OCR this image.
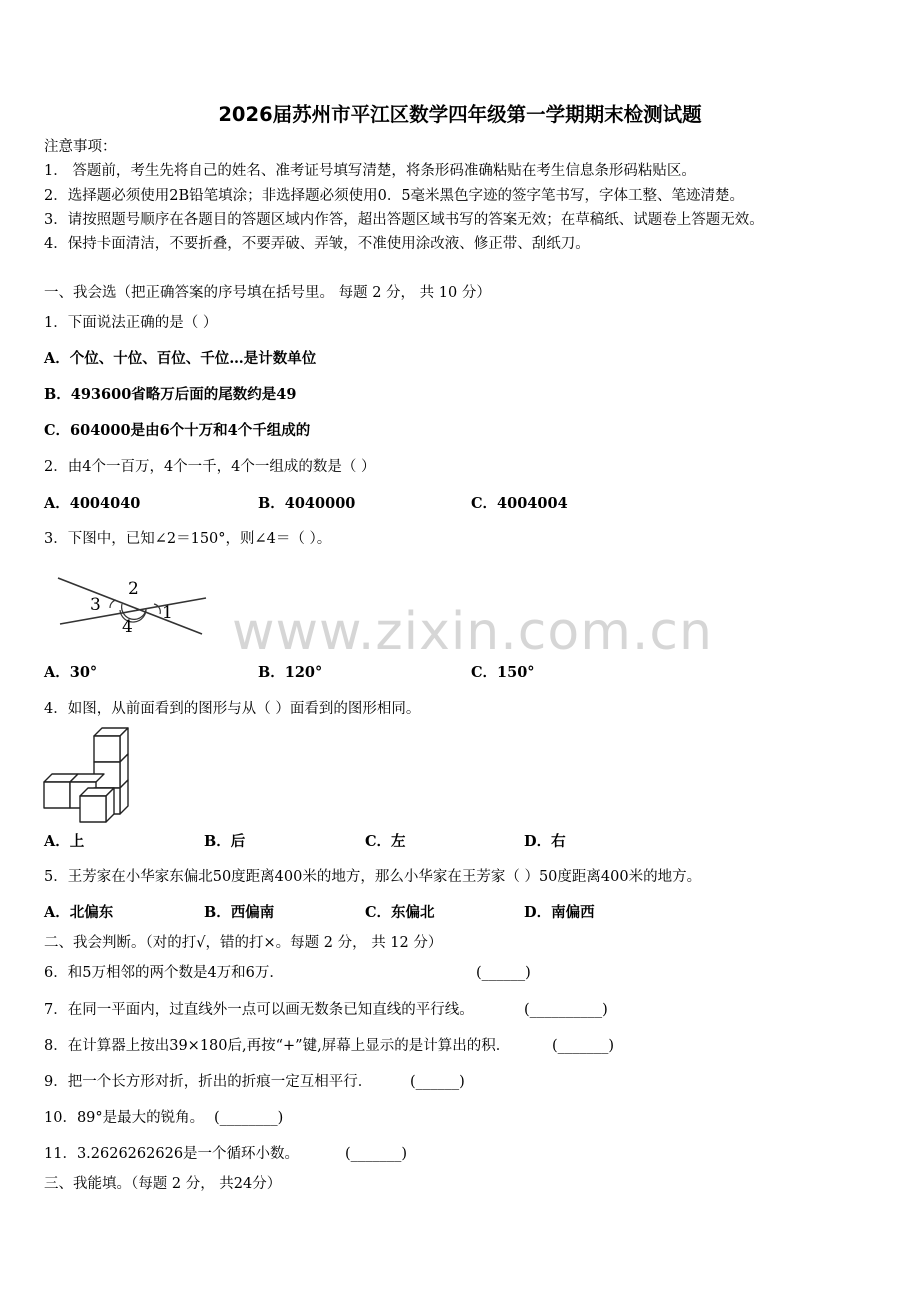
2026届苏州市平江区数学四年级第一学期期末检测试题
www.zixin.com.cn
注意事项：
1． 答题前，考生先将自己的姓名、准考证号填写清楚，将条形码准确粘贴在考生信息条形码粘贴区。
2．选择题必须使用2B铅笔填涂；非选择题必须使用0．5毫米黑色字迹的签字笔书写，字体工整、笔迹清楚。
3．请按照题号顺序在各题目的答题区域内作答，超出答题区域书写的答案无效；在草稿纸、试题卷上答题无效。
4．保持卡面清洁，不要折叠，不要弄破、弄皱，不准使用涂改液、修正带、刮纸刀。
一、我会选（把正确答案的序号填在括号里。 每题 2 分， 共 10 分）
1．下面说法正确的是（ ）
A．个位、十位、百位、千位…是计数单位
B．493600省略万后面的尾数约是49
C．604000是由6个十万和4个千组成的
2．由4个一百万，4个一千，4个一组成的数是（ ）
A．4004040	B．4040000	C．4004004
3．下图中，已知∠2＝150°，则∠4＝（ ）。
3
2
1
4
A．30°	B．120°	C．150°
4．如图，从前面看到的图形与从（ ）面看到的图形相同。
A．上	B．后	C．左	D．右
5．王芳家在小华家东偏北50度距离400米的地方，那么小华家在王芳家（ ）50度距离400米的地方。
A．北偏东	B．西偏南	C．东偏北	D．南偏西
二、我会判断。（对的打√，错的打×。每题 2 分， 共 12 分）
6．和5万相邻的两个数是4万和6万．	(______)
7．在同一平面内，过直线外一点可以画无数条已知直线的平行线。	(__________)
8．在计算器上按出39×180后,再按“+”键,屏幕上显示的是计算出的积．	(_______)
9．把一个长方形对折，折出的折痕一定互相平行．	(______)
10．89°是最大的锐角。 (________)
11．3.2626262626是一个循环小数。	(_______)
三、我能填。（每题 2 分， 共24分）
